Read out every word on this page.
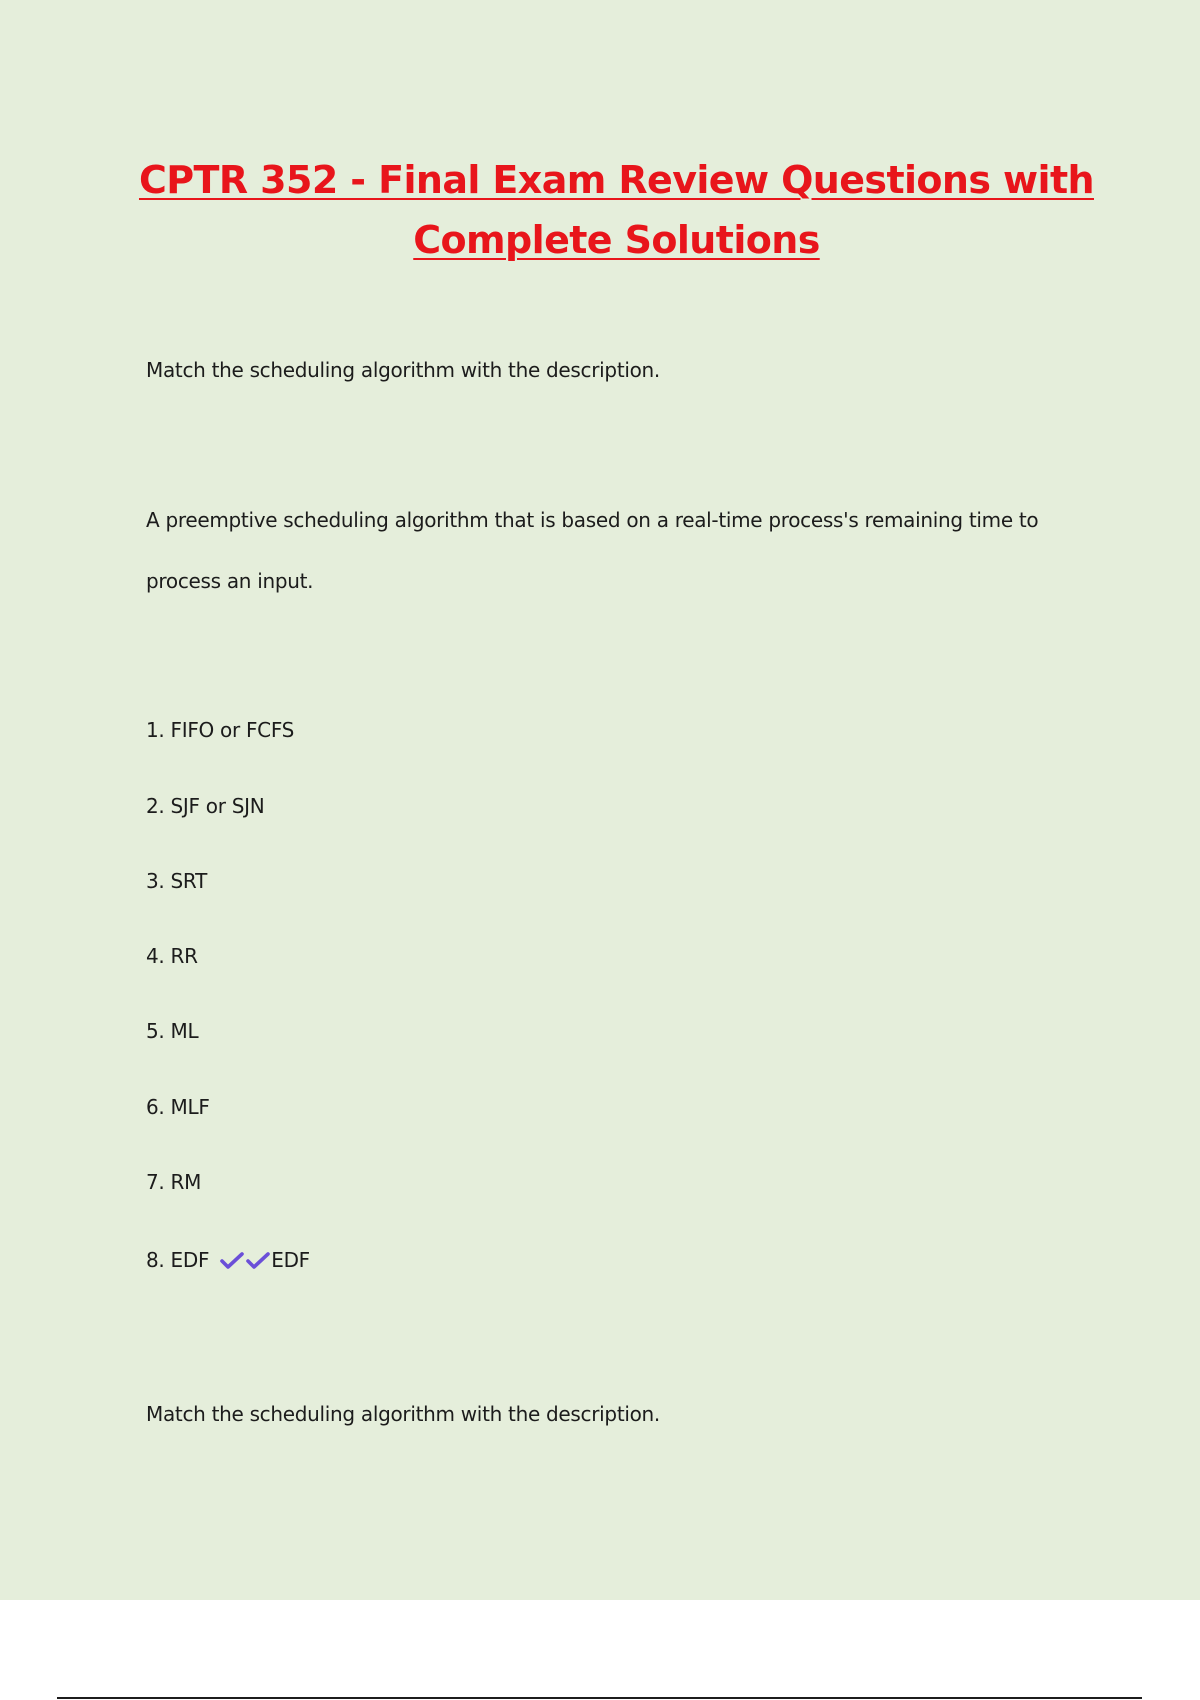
CPTR 352 - Final Exam Review Questions with
Complete Solutions

Match the scheduling algorithm with the description.

A preemptive scheduling algorithm that is based on a real-time process's remaining time to

process an input.

1. FIFO or FCFS

2. SJF or SJN

3. SRT

4. RR

5. ML

6. MLF

7. RM

8. EDF	EDF

Match the scheduling algorithm with the description.
